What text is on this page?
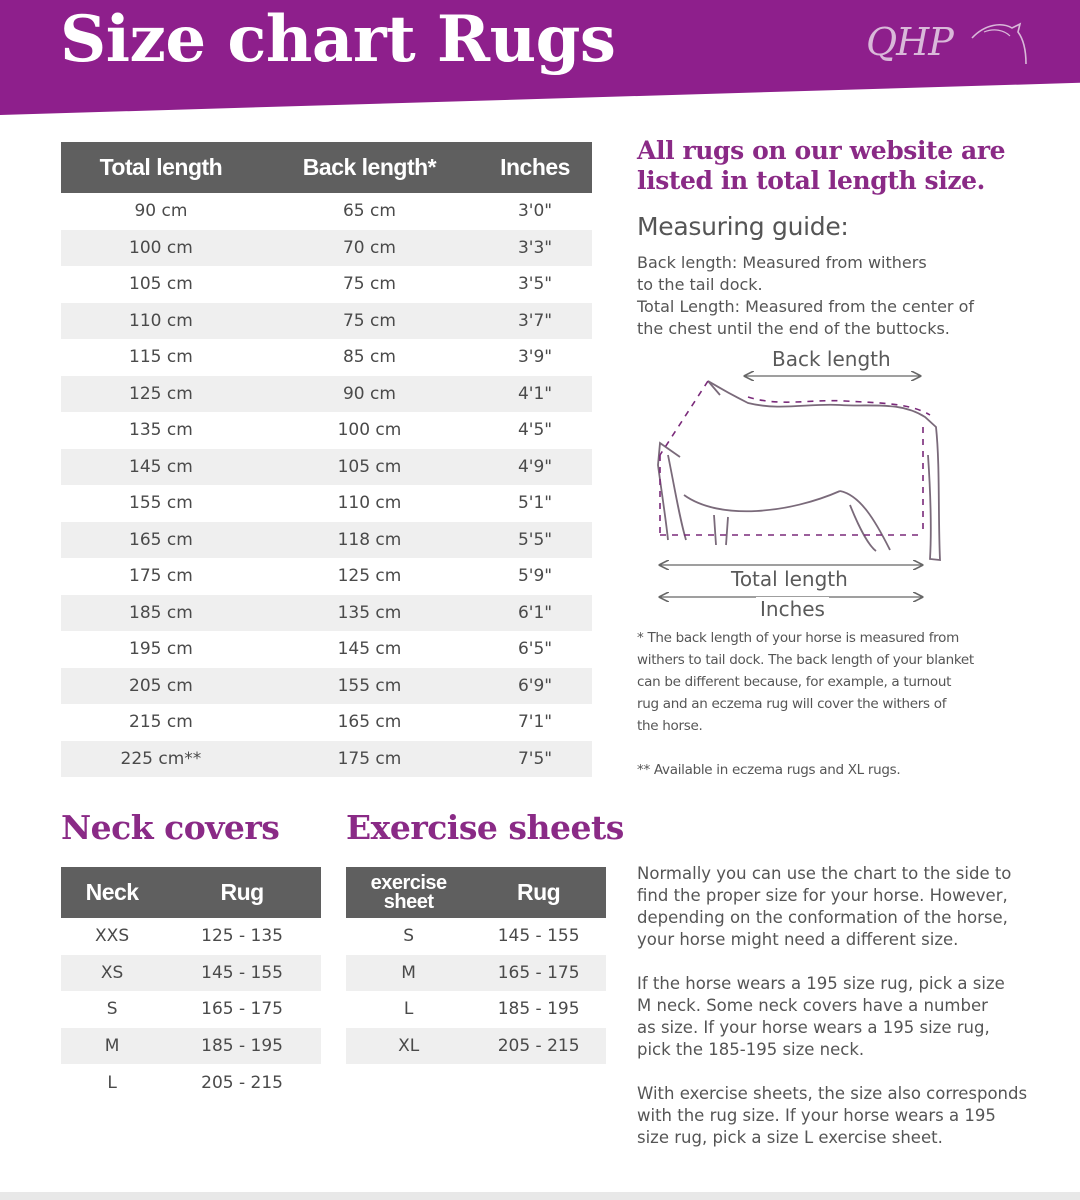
Size chart Rugs	QHP
Total length	Back length*	Inches
90 cm	65 cm	3'0"
100 cm	70 cm	3'3"
105 cm	75 cm	3'5"
110 cm	75 cm	3'7"
115 cm	85 cm	3'9"
125 cm	90 cm	4'1"
135 cm	100 cm	4'5"
145 cm	105 cm	4'9"
155 cm	110 cm	5'1"
165 cm	118 cm	5'5"
175 cm	125 cm	5'9"
185 cm	135 cm	6'1"
195 cm	145 cm	6'5"
205 cm	155 cm	6'9"
215 cm	165 cm	7'1"
225 cm**	175 cm	7'5"

All rugs on our website are listed in total length size.

Measuring guide:
Back length: Measured from withers
to the tail dock.
Total Length: Measured from the center of
the chest until the end of the buttocks.
Back length
Total length
Inches
* The back length of your horse is measured from
withers to tail dock. The back length of your blanket
can be different because, for example, a turnout
rug and an eczema rug will cover the withers of
the horse.
** Available in eczema rugs and XL rugs.
Neck covers
Neck	Rug
XXS	125 - 135
XS	145 - 155
S	165 - 175
M	185 - 195
L	205 - 215
Exercise sheets
exercise
sheet	Rug
S	145 - 155
M	165 - 175
L	185 - 195
XL	205 - 215
Normally you can use the chart to the side to
find the proper size for your horse. However,
depending on the conformation of the horse,
your horse might need a different size.
If the horse wears a 195 size rug, pick a size
M neck. Some neck covers have a number
as size. If your horse wears a 195 size rug,
pick the 185-195 size neck.
With exercise sheets, the size also corresponds
with the rug size. If your horse wears a 195
size rug, pick a size L exercise sheet.
